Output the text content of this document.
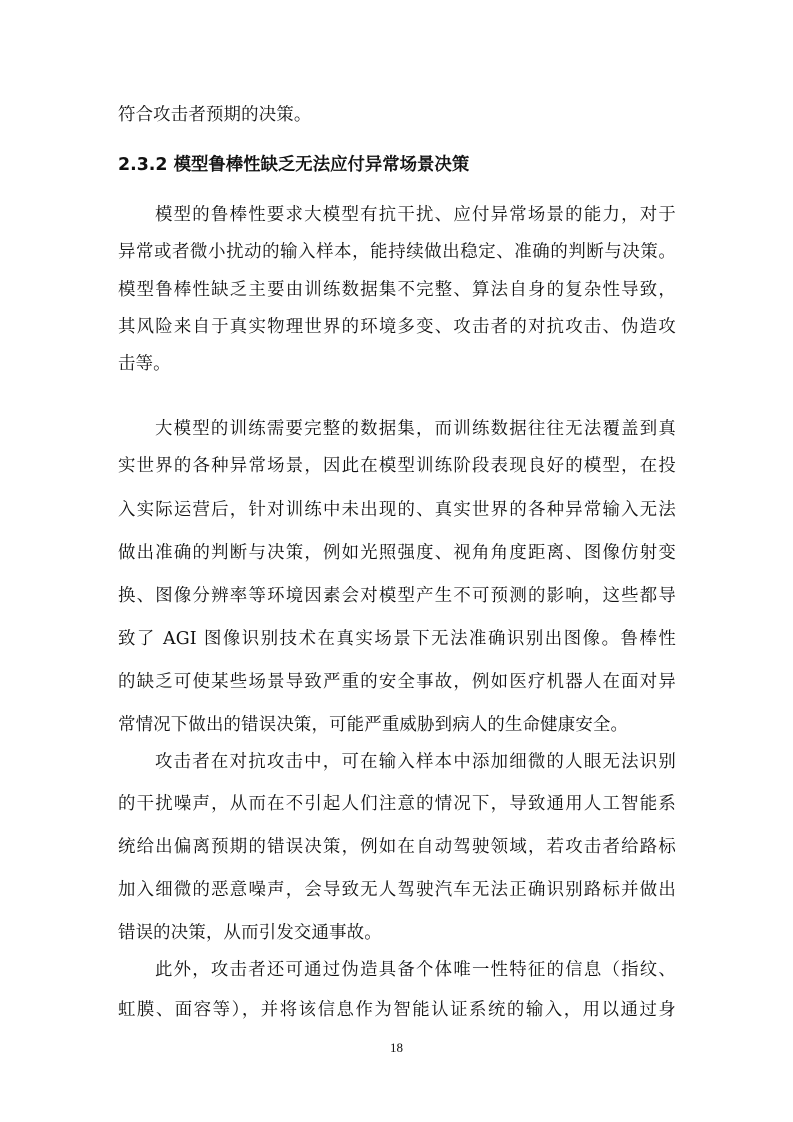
符合攻击者预期的决策。
2.3.2 模型鲁棒性缺乏无法应付异常场景决策
模型的鲁棒性要求大模型有抗干扰、应付异常场景的能力，对于
异常或者微小扰动的输入样本，能持续做出稳定、准确的判断与决策。
模型鲁棒性缺乏主要由训练数据集不完整、算法自身的复杂性导致，
其风险来自于真实物理世界的环境多变、攻击者的对抗攻击、伪造攻
击等。
大模型的训练需要完整的数据集，而训练数据往往无法覆盖到真
实世界的各种异常场景，因此在模型训练阶段表现良好的模型，在投
入实际运营后，针对训练中未出现的、真实世界的各种异常输入无法
做出准确的判断与决策，例如光照强度、视角角度距离、图像仿射变
换、图像分辨率等环境因素会对模型产生不可预测的影响，这些都导
致了 AGI 图像识别技术在真实场景下无法准确识别出图像。鲁棒性
的缺乏可使某些场景导致严重的安全事故，例如医疗机器人在面对异
常情况下做出的错误决策，可能严重威胁到病人的生命健康安全。
攻击者在对抗攻击中，可在输入样本中添加细微的人眼无法识别
的干扰噪声，从而在不引起人们注意的情况下，导致通用人工智能系
统给出偏离预期的错误决策，例如在自动驾驶领域，若攻击者给路标
加入细微的恶意噪声，会导致无人驾驶汽车无法正确识别路标并做出
错误的决策，从而引发交通事故。
此外，攻击者还可通过伪造具备个体唯一性特征的信息（指纹、
虹膜、面容等），并将该信息作为智能认证系统的输入，用以通过身
18
